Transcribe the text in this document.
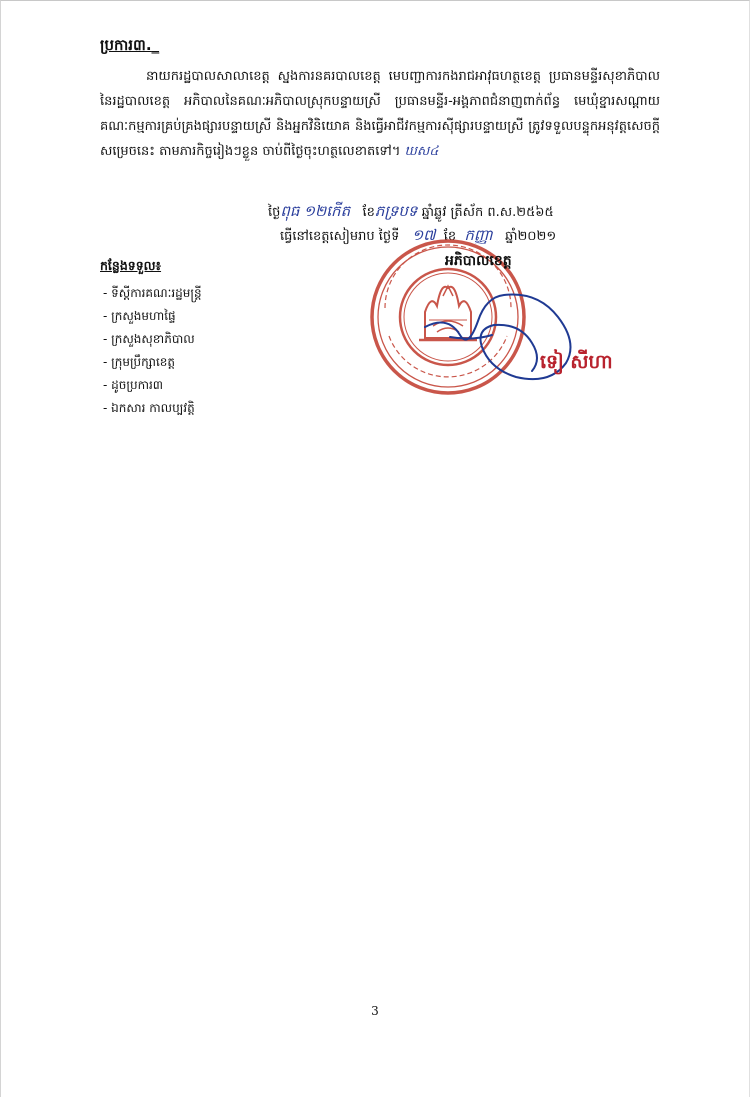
ប្រការ៣._
នាយករដ្ឋបាលសាលាខេត្ត ស្នងការនគរបាលខេត្ត មេបញ្ជាការកងរាជអាវុធហត្ថខេត្ត ប្រធានមន្ទីរសុខាភិបាលនៃរដ្ឋបាលខេត្ត អភិបាលនៃគណៈអភិបាលស្រុកបន្ទាយស្រី ប្រធានមន្ទីរ-អង្គភាពជំនាញពាក់ព័ន្ធ មេឃុំខ្នារសណ្ដាយ គណៈកម្មការគ្រប់គ្រងផ្សារបន្ទាយស្រី និងអ្នកវិនិយោគ និងធ្វើអាជីវកម្មការស៊ីផ្សារបន្ទាយស្រី ត្រូវទទួលបន្ទុកអនុវត្តសេចក្ដីសម្រេចនេះ តាមភារកិច្ចរៀងៗខ្លួន ចាប់ពីថ្ងៃចុះហត្ថលេខាតទៅ។ ឃស៤
ថ្ងៃពុធ ១២កើត ខែភទ្របទ ឆ្នាំឆ្លូវ ត្រីស័ក ព.ស.២៥៦៥
ធ្វើនៅខេត្តសៀមរាប ថ្ងៃទី ១៧ ខែ កញ្ញា ឆ្នាំ២០២១
អភិបាលខេត្ត
ទៀ សីហា
កន្លែងទទួល៖
- ទីស្ដីការគណៈរដ្ឋមន្ត្រី
- ក្រសួងមហាផ្ទៃ
- ក្រសួងសុខាភិបាល
- ក្រុមប្រឹក្សាខេត្ត
- ដូចប្រការ៣
- ឯកសារ កាលប្បវត្តិ
3
